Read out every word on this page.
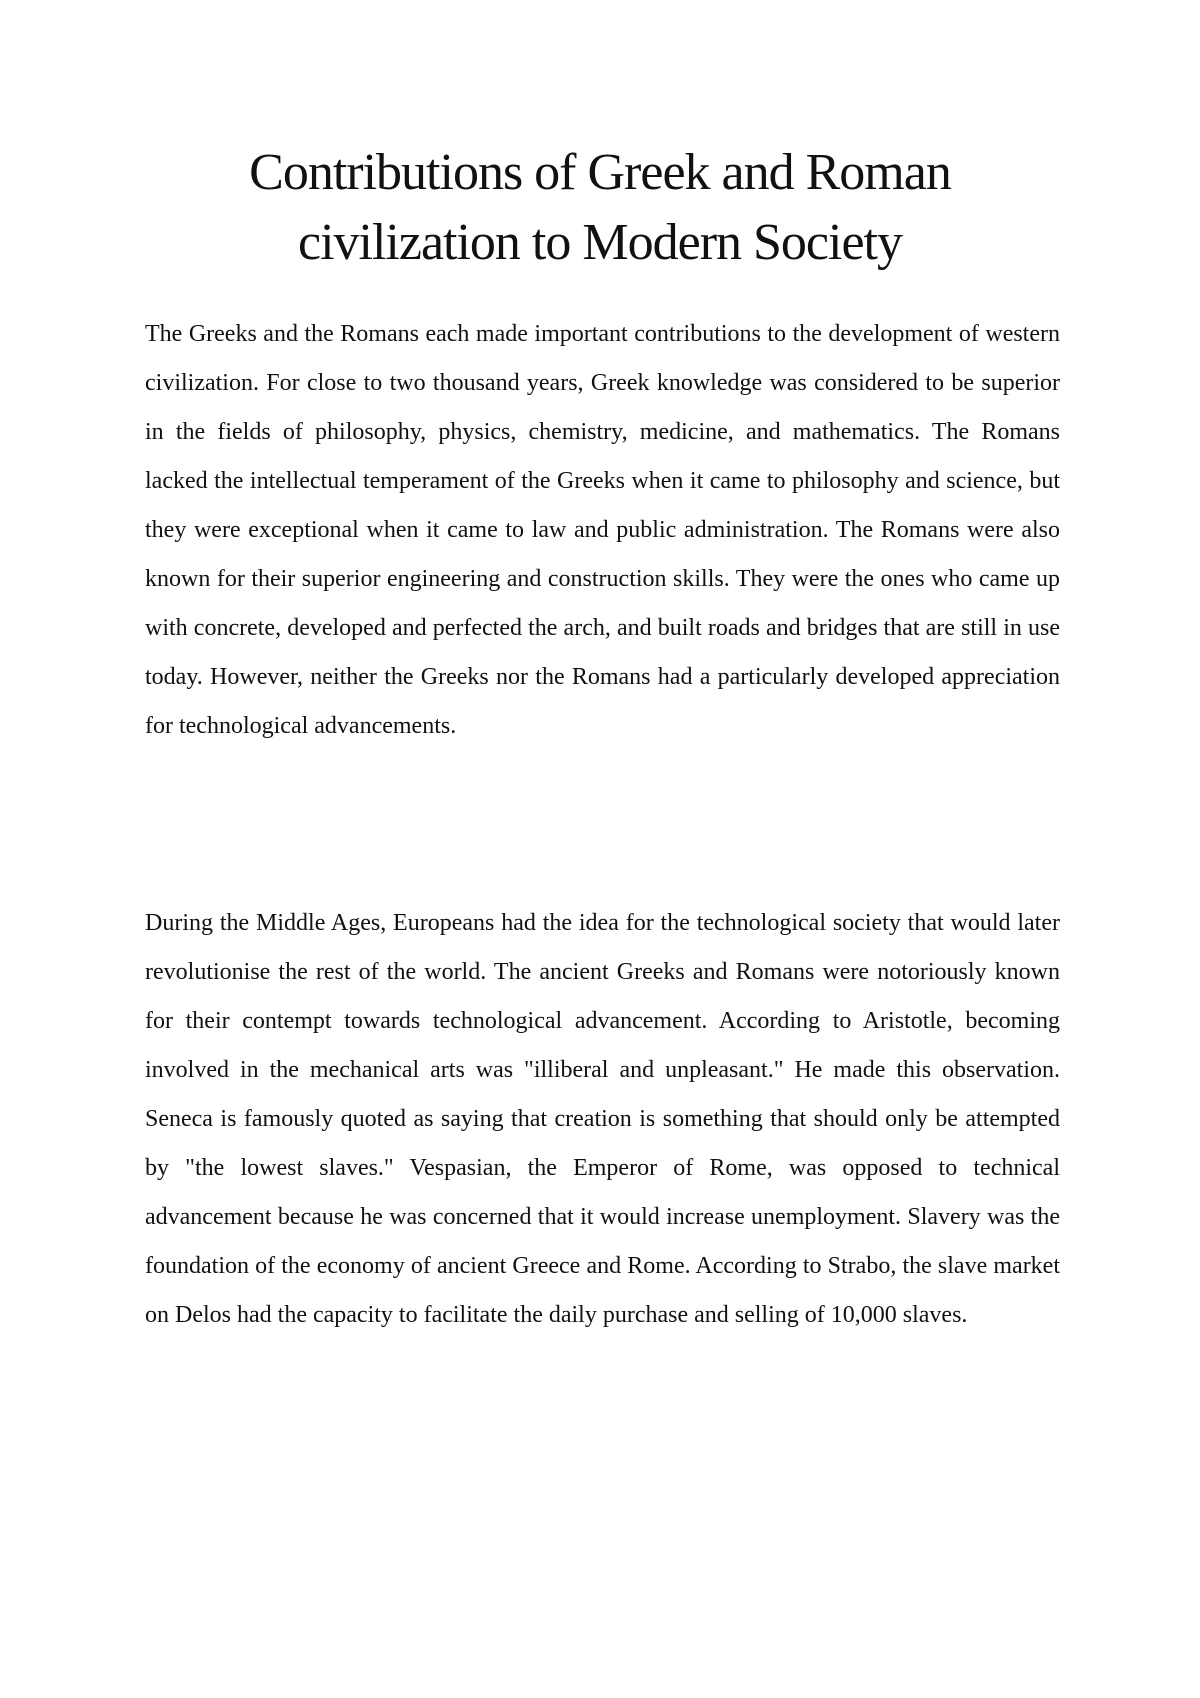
Contributions of Greek and Roman
civilization to Modern Society

The Greeks and the Romans each made important contributions to the development of western civilization. For close to two thousand years, Greek knowledge was considered to be superior in the fields of philosophy, physics, chemistry, medicine, and mathematics. The Romans lacked the intellectual temperament of the Greeks when it came to philosophy and science, but they were exceptional when it came to law and public administration. The Romans were also known for their superior engineering and construction skills. They were the ones who came up with concrete, developed and perfected the arch, and built roads and bridges that are still in use today. However, neither the Greeks nor the Romans had a particularly developed appreciation for technological advancements.

During the Middle Ages, Europeans had the idea for the technological society that would later revolutionise the rest of the world. The ancient Greeks and Romans were notoriously known for their contempt towards technological advancement. According to Aristotle, becoming involved in the mechanical arts was "illiberal and unpleasant." He made this observation. Seneca is famously quoted as saying that creation is something that should only be attempted by "the lowest slaves." Vespasian, the Emperor of Rome, was opposed to technical advancement because he was concerned that it would increase unemployment. Slavery was the foundation of the economy of ancient Greece and Rome. According to Strabo, the slave market on Delos had the capacity to facilitate the daily purchase and selling of 10,000 slaves.
